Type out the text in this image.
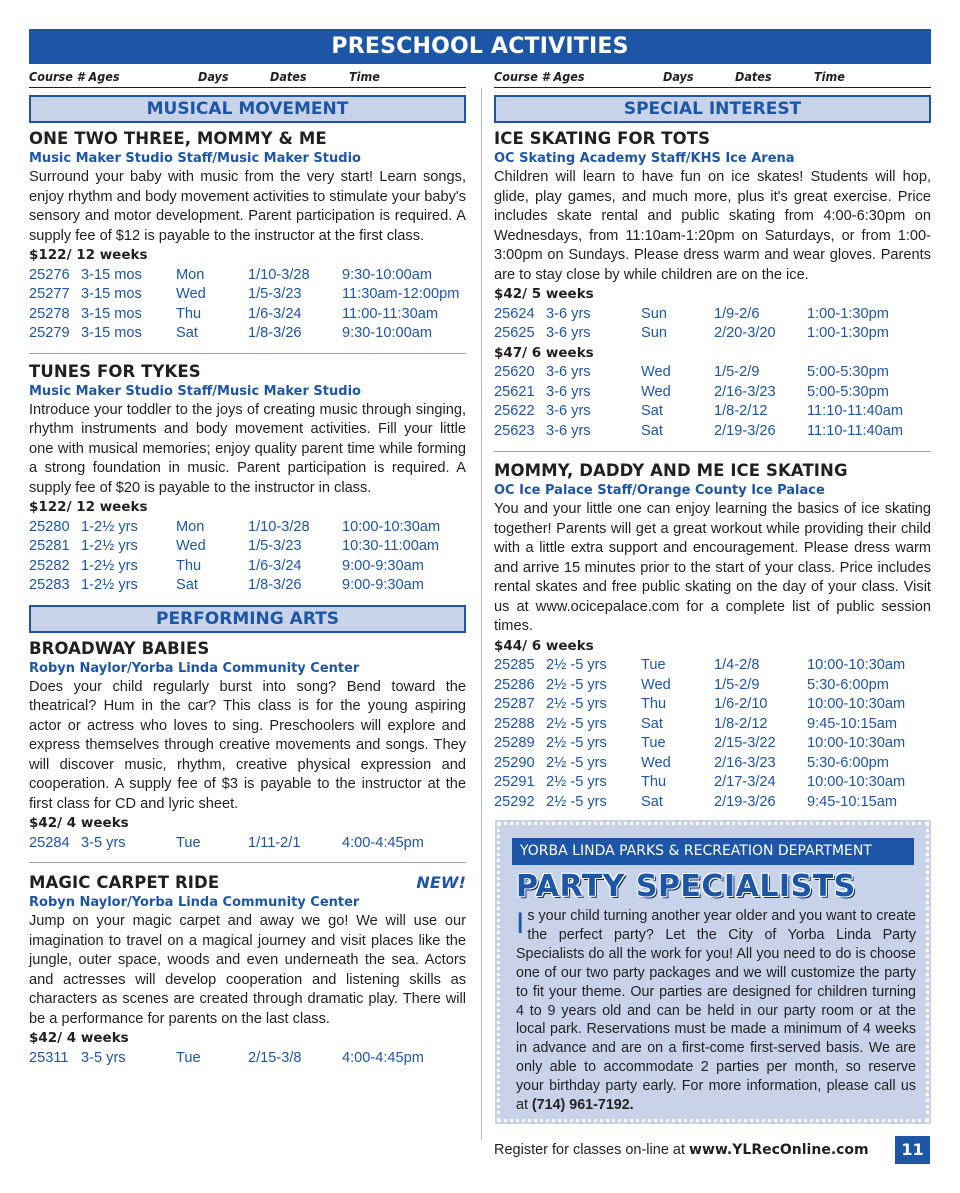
PRESCHOOL ACTIVITIES
Course # Ages	Days	Dates	Time
MUSICAL MOVEMENT
ONE TWO THREE, MOMMY & ME
Music Maker Studio Staff/Music Maker Studio
Surround your baby with music from the very start! Learn songs, enjoy rhythm and body movement activities to stimulate your baby's sensory and motor development. Parent participation is required. A supply fee of $12 is payable to the instructor at the first class.
$122/ 12 weeks
25276 3-15 mos Mon	1/10-3/28 9:30-10:00am
25277 3-15 mos Wed	1/5-3/23	11:30am-12:00pm
25278 3-15 mos Thu	1/6-3/24	11:00-11:30am
25279 3-15 mos Sat	1/8-3/26	9:30-10:00am
TUNES FOR TYKES
Music Maker Studio Staff/Music Maker Studio
Introduce your toddler to the joys of creating music through singing, rhythm instruments and body movement activities. Fill your little one with musical memories; enjoy quality parent time while forming a strong foundation in music. Parent participation is required. A supply fee of $20 is payable to the instructor in class.
$122/ 12 weeks
25280 1-2½ yrs	Mon	1/10-3/28 10:00-10:30am
25281 1-2½ yrs	Wed	1/5-3/23	10:30-11:00am
25282 1-2½ yrs	Thu	1/6-3/24	9:00-9:30am
25283 1-2½ yrs	Sat	1/8-3/26	9:00-9:30am
PERFORMING ARTS
BROADWAY BABIES
Robyn Naylor/Yorba Linda Community Center
Does your child regularly burst into song? Bend toward the theatrical? Hum in the car? This class is for the young aspiring actor or actress who loves to sing. Preschoolers will explore and express themselves through creative movements and songs. They will discover music, rhythm, creative physical expression and cooperation. A supply fee of $3 is payable to the instructor at the first class for CD and lyric sheet.
$42/ 4 weeks
25284 3-5 yrs	Tue	1/11-2/1	4:00-4:45pm
MAGIC CARPET RIDE	NEW!
Robyn Naylor/Yorba Linda Community Center
Jump on your magic carpet and away we go! We will use our imagination to travel on a magical journey and visit places like the jungle, outer space, woods and even underneath the sea. Actors and actresses will develop cooperation and listening skills as characters as scenes are created through dramatic play. There will be a performance for parents on the last class.
$42/ 4 weeks
25311 3-5 yrs	Tue	2/15-3/8	4:00-4:45pm
Course # Ages	Days	Dates	Time
SPECIAL INTEREST
ICE SKATING FOR TOTS
OC Skating Academy Staff/KHS Ice Arena
Children will learn to have fun on ice skates! Students will hop, glide, play games, and much more, plus it's great exercise. Price includes skate rental and public skating from 4:00-6:30pm on Wednesdays, from 11:10am-1:20pm on Saturdays, or from 1:00-3:00pm on Sundays. Please dress warm and wear gloves. Parents are to stay close by while children are on the ice.
$42/ 5 weeks
25624 3-6 yrs	Sun	1/9-2/6	1:00-1:30pm
25625 3-6 yrs	Sun	2/20-3/20 1:00-1:30pm
$47/ 6 weeks
25620 3-6 yrs	Wed	1/5-2/9	5:00-5:30pm
25621 3-6 yrs	Wed	2/16-3/23 5:00-5:30pm
25622 3-6 yrs	Sat	1/8-2/12	11:10-11:40am
25623 3-6 yrs	Sat	2/19-3/26 11:10-11:40am
MOMMY, DADDY AND ME ICE SKATING
OC Ice Palace Staff/Orange County Ice Palace
You and your little one can enjoy learning the basics of ice skating together! Parents will get a great workout while providing their child with a little extra support and encouragement. Please dress warm and arrive 15 minutes prior to the start of your class. Price includes rental skates and free public skating on the day of your class. Visit us at www.ocicepalace.com for a complete list of public session times.
$44/ 6 weeks
25285 2½ -5 yrs Tue	1/4-2/8	10:00-10:30am
25286 2½ -5 yrs Wed	1/5-2/9	5:30-6:00pm
25287 2½ -5 yrs Thu	1/6-2/10	10:00-10:30am
25288 2½ -5 yrs Sat	1/8-2/12	9:45-10:15am
25289 2½ -5 yrs Tue	2/15-3/22 10:00-10:30am
25290 2½ -5 yrs Wed	2/16-3/23 5:30-6:00pm
25291 2½ -5 yrs Thu	2/17-3/24 10:00-10:30am
25292 2½ -5 yrs Sat	2/19-3/26 9:45-10:15am
YORBA LINDA PARKS & RECREATION DEPARTMENT
PARTY SPECIALISTS
Is your child turning another year older and you want to create the perfect party? Let the City of Yorba Linda Party Specialists do all the work for you! All you need to do is choose one of our two party packages and we will customize the party to fit your theme. Our parties are designed for children turning 4 to 9 years old and can be held in our party room or at the local park. Reservations must be made a minimum of 4 weeks in advance and are on a first-come first-served basis. We are only able to accommodate 2 parties per month, so reserve your birthday party early. For more information, please call us at (714) 961-7192.
Register for classes on-line at www.YLRecOnline.com	11
